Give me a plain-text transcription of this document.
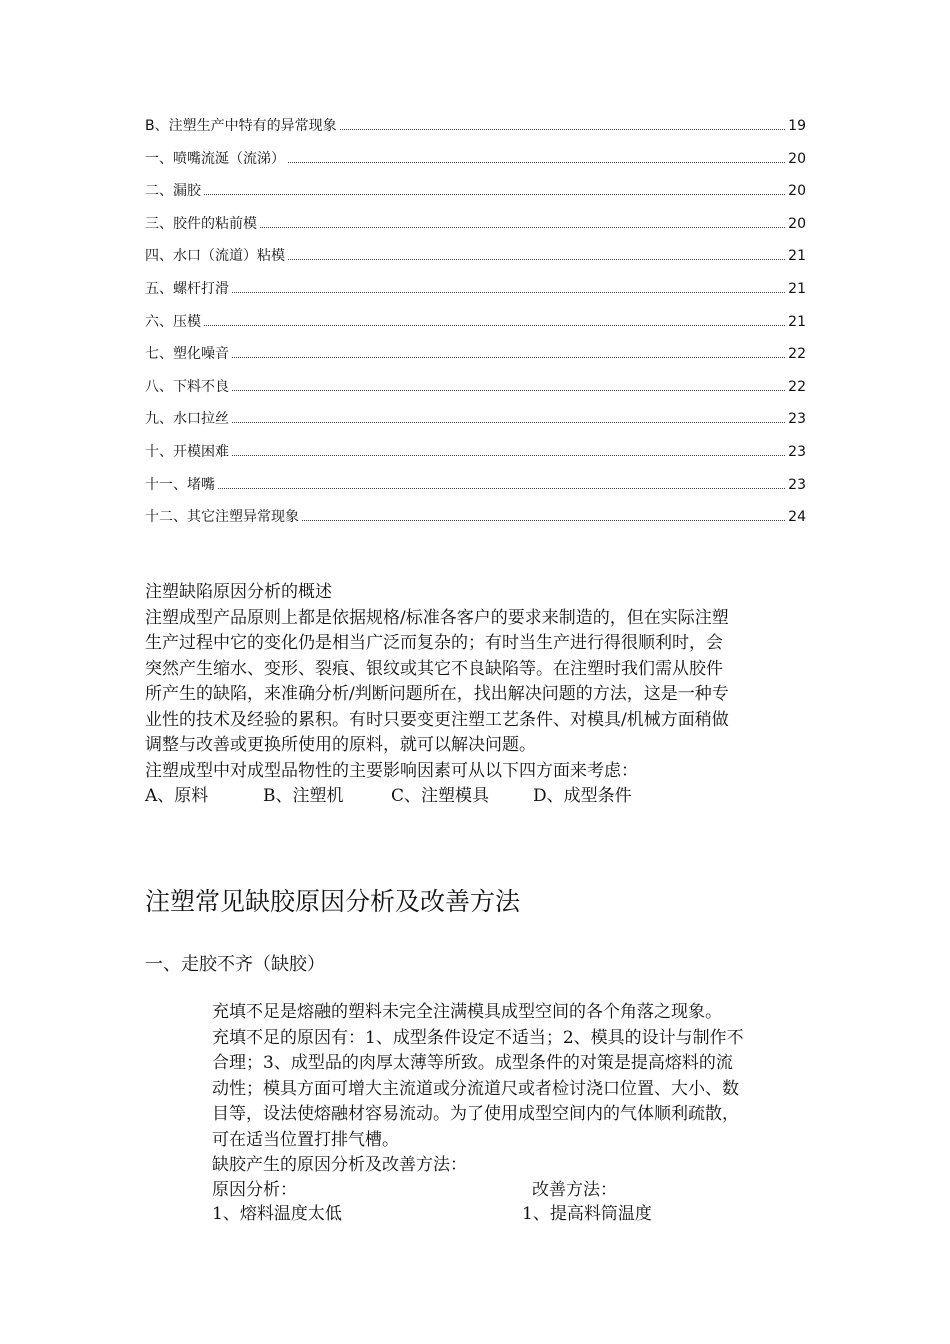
B、注塑生产中特有的异常现象	19
一、喷嘴流涎（流涕）	20
二、漏胶	20
三、胶件的粘前模	20
四、水口（流道）粘模	21
五、螺杆打滑	21
六、压模	21
七、塑化噪音	22
八、下料不良	22
九、水口拉丝	23
十、开模困难	23
十一、堵嘴	23
十二、其它注塑异常现象	24

注塑缺陷原因分析的概述

注塑成型产品原则上都是依据规格/标准各客户的要求来制造的，但在实际注塑

生产过程中它的变化仍是相当广泛而复杂的；有时当生产进行得很顺利时，会

突然产生缩水、变形、裂痕、银纹或其它不良缺陷等。在注塑时我们需从胶件

所产生的缺陷，来准确分析/判断问题所在，找出解决问题的方法，这是一种专

业性的技术及经验的累积。有时只要变更注塑工艺条件、对模具/机械方面稍做

调整与改善或更换所使用的原料，就可以解决问题。

注塑成型中对成型品物性的主要影响因素可从以下四方面来考虑：

A、原料	B、注塑机	C、注塑模具	D、成型条件

注塑常见缺胶原因分析及改善方法
一、走胶不齐（缺胶）

充填不足是熔融的塑料未完全注满模具成型空间的各个角落之现象。

充填不足的原因有：1、成型条件设定不适当；2、模具的设计与制作不

合理；3、成型品的肉厚太薄等所致。成型条件的对策是提高熔料的流

动性；模具方面可增大主流道或分流道尺或者检讨浇口位置、大小、数

目等，设法使熔融材容易流动。为了使用成型空间内的气体顺利疏散，

可在适当位置打排气槽。

缺胶产生的原因分析及改善方法：

原因分析：	改善方法：
1、熔料温度太低	1、提高料筒温度
